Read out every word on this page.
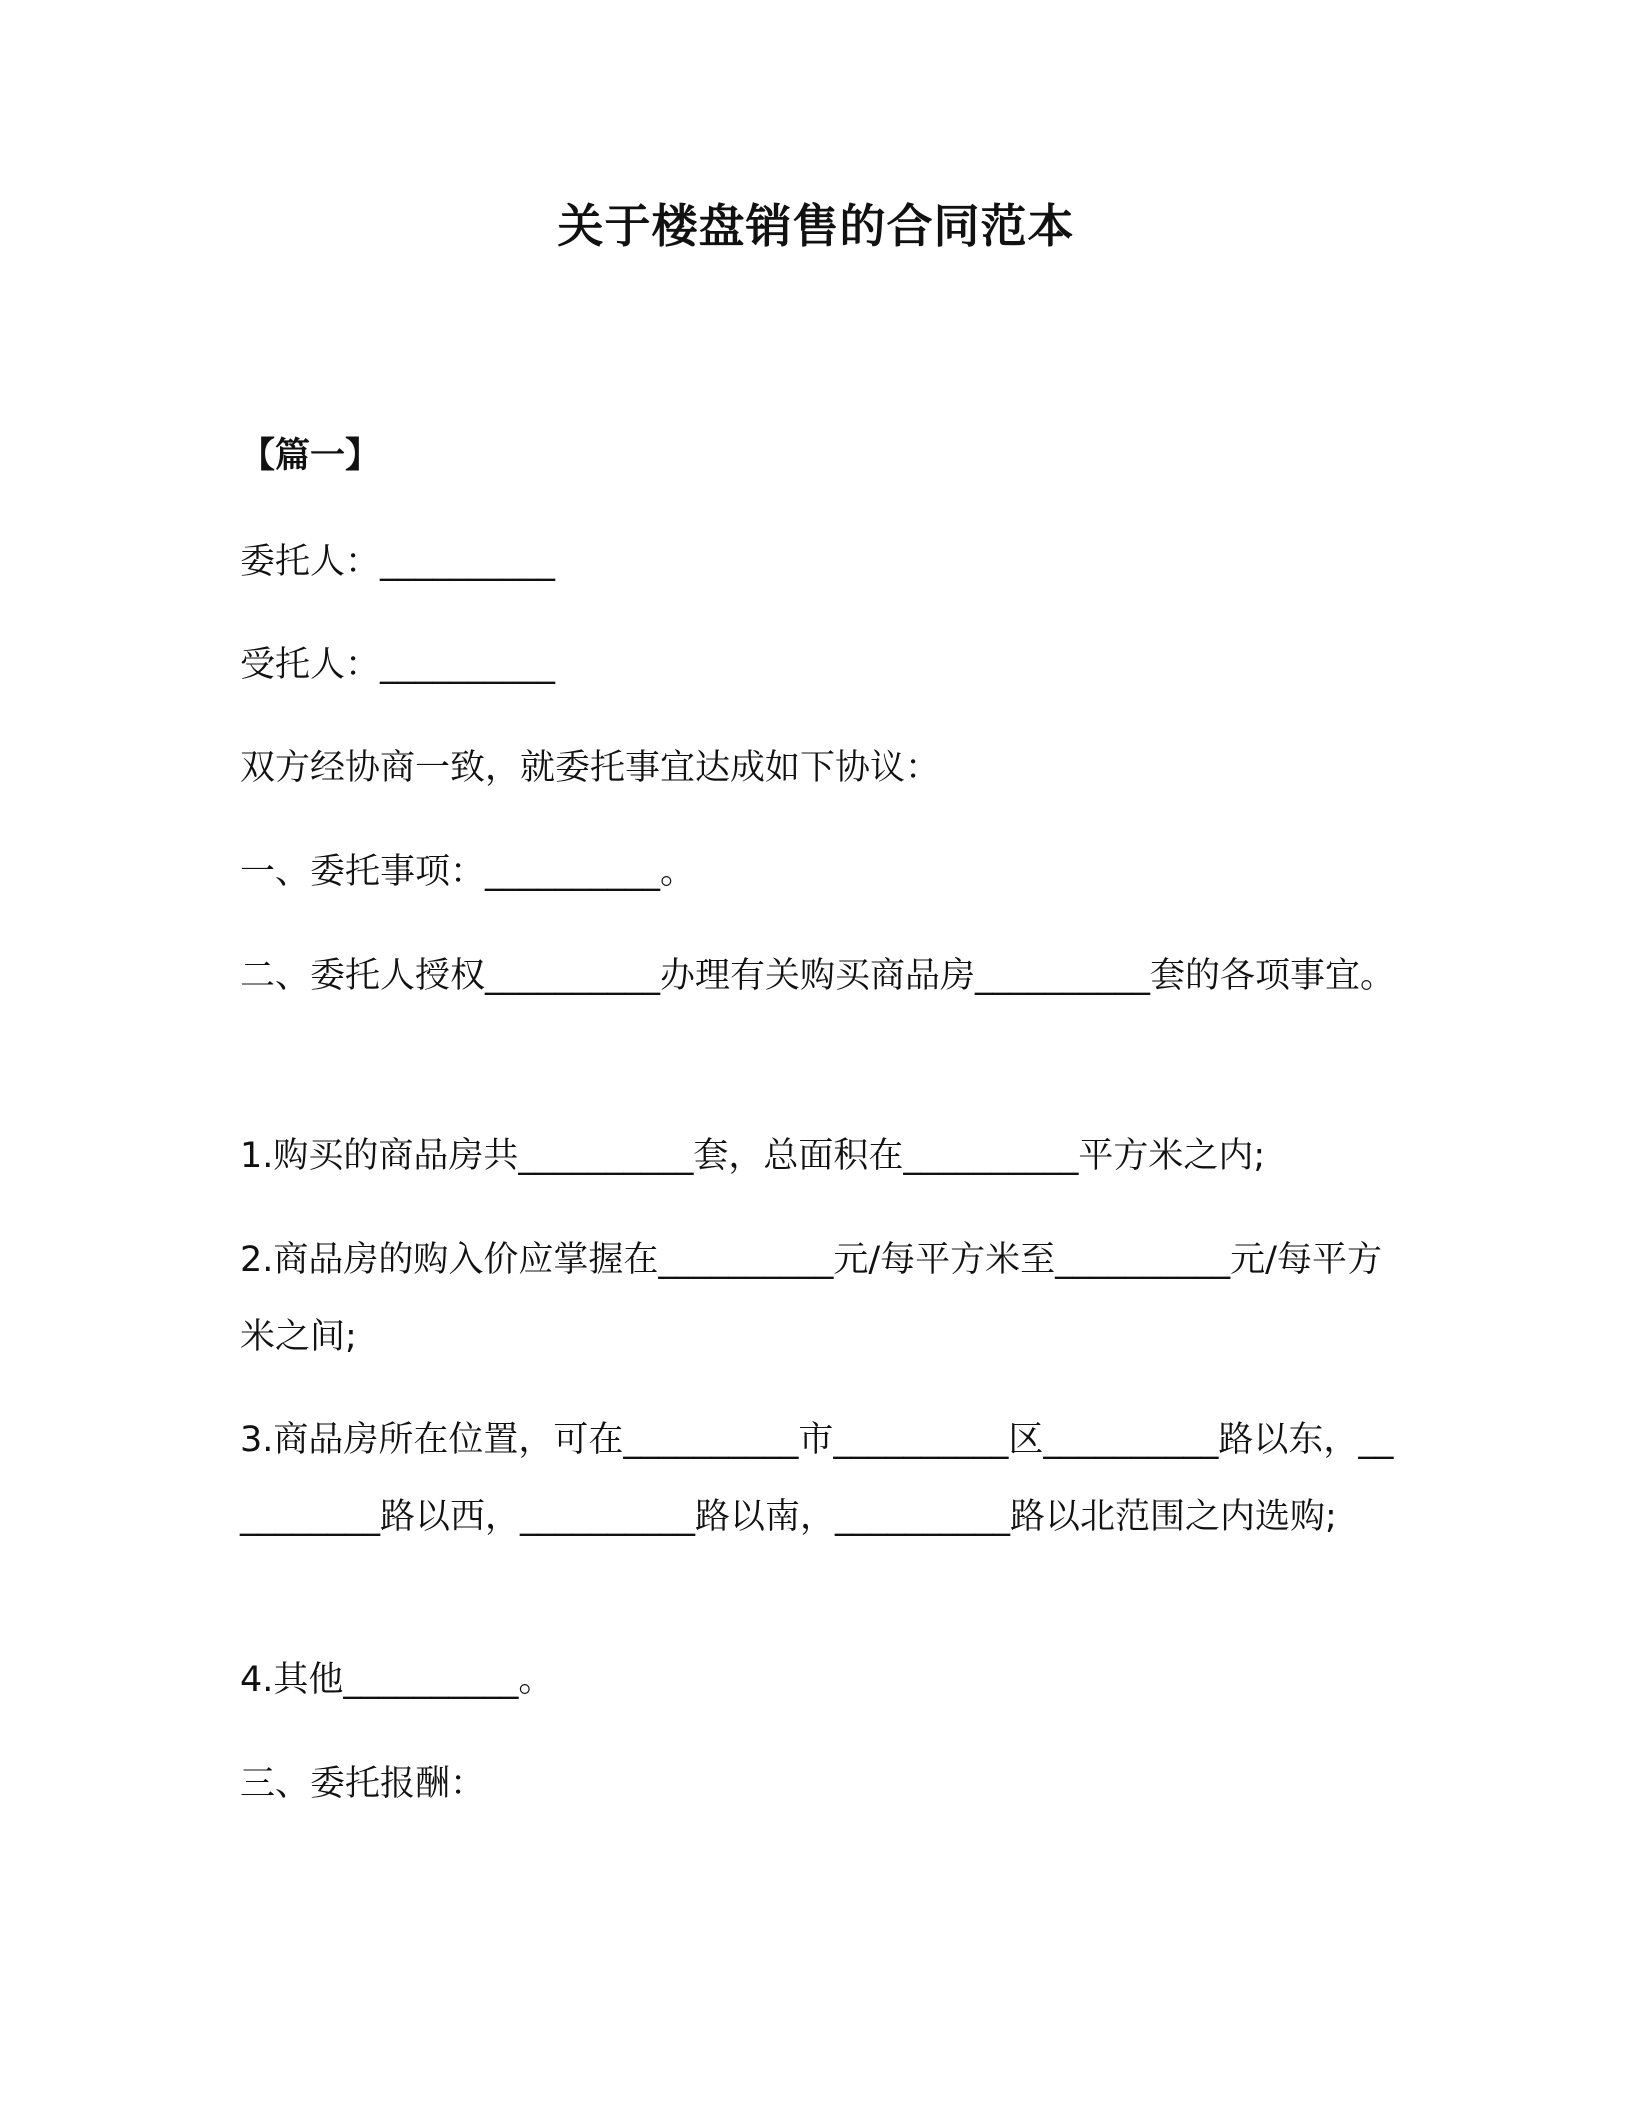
关于楼盘销售的合同范本
【篇一】
委托人：__________
受托人：__________
双方经协商一致，就委托事宜达成如下协议：
一、委托事项：__________。
二、委托人授权__________办理有关购买商品房__________套的各项事宜。
1.购买的商品房共__________套，总面积在__________平方米之内;
2.商品房的购入价应掌握在__________元/每平方米至__________元/每平方米之间;
3.商品房所在位置，可在__________市__________区__________路以东，__________路以西，__________路以南，__________路以北范围之内选购;
4.其他__________。
三、委托报酬：
